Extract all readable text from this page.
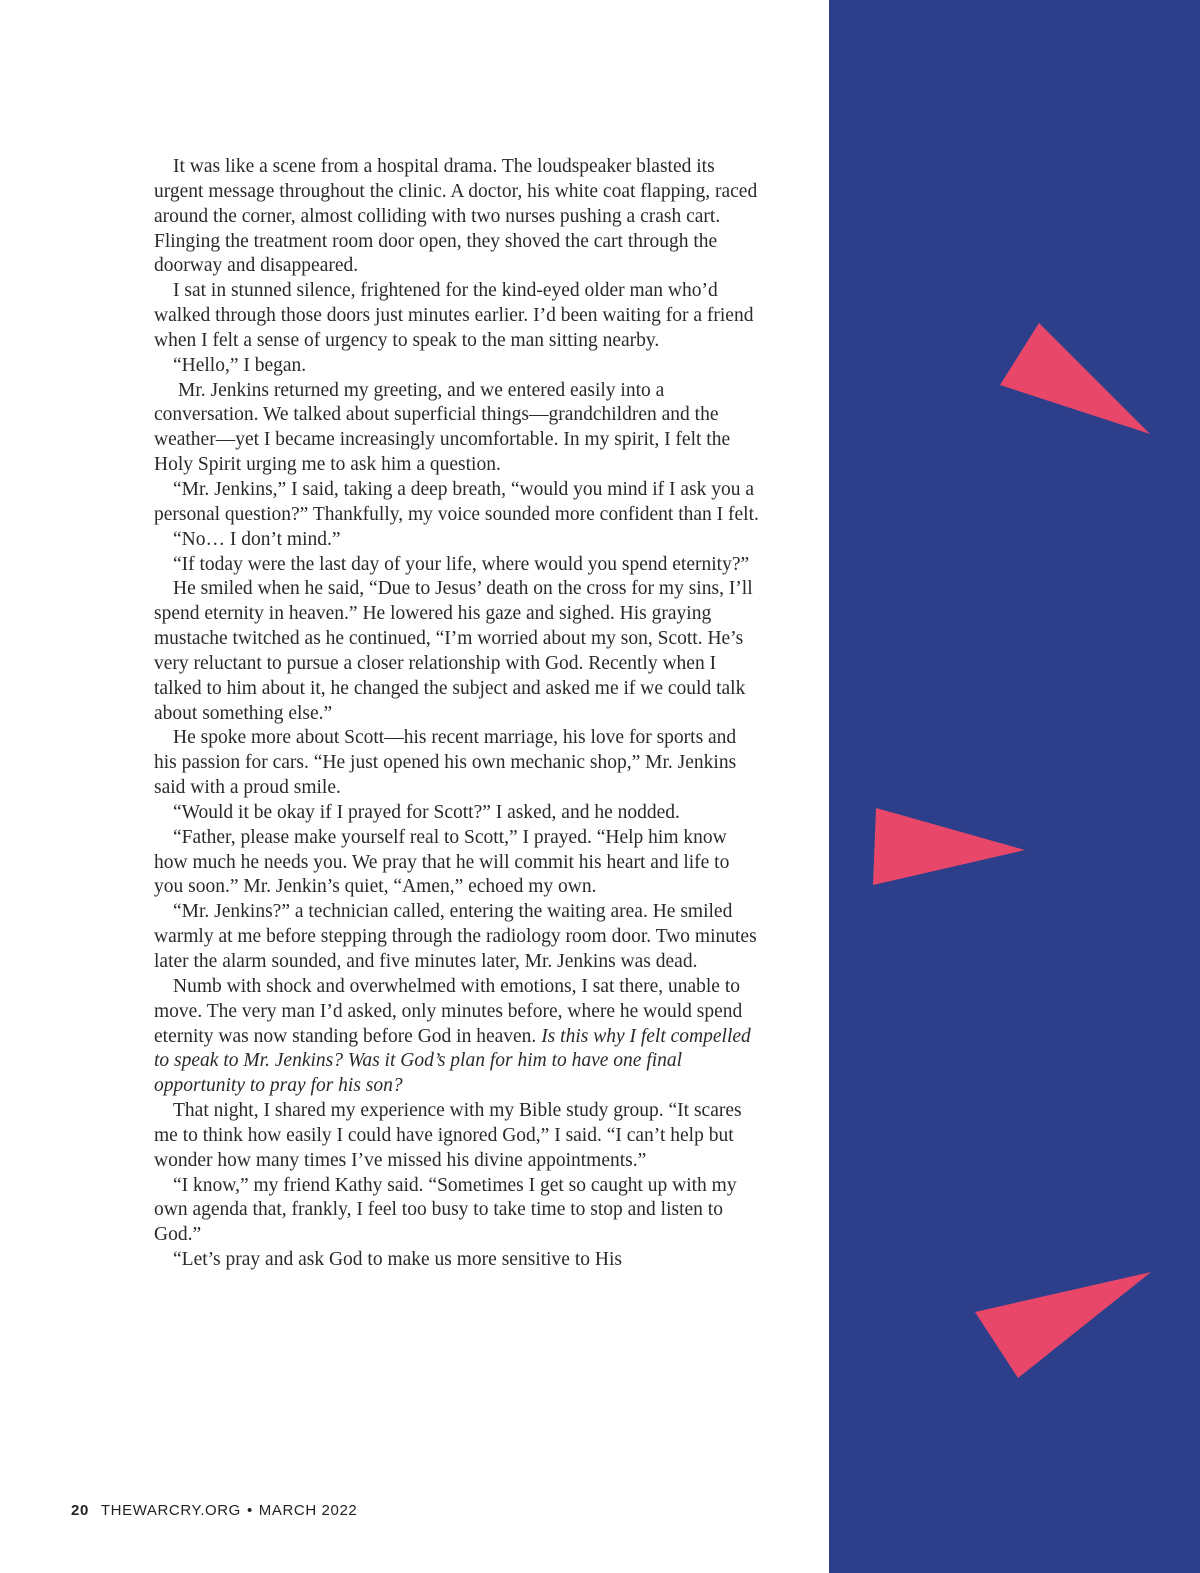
It was like a scene from a hospital drama. The loudspeaker blasted its urgent message throughout the clinic. A doctor, his white coat flapping, raced around the corner, almost colliding with two nurses pushing a crash cart. Flinging the treatment room door open, they shoved the cart through the doorway and disappeared.

I sat in stunned silence, frightened for the kind-eyed older man who’d walked through those doors just minutes earlier. I’d been waiting for a friend when I felt a sense of urgency to speak to the man sitting nearby.

“Hello,” I began.

Mr. Jenkins returned my greeting, and we entered easily into a conversation. We talked about superficial things—grandchildren and the weather—yet I became increasingly uncomfortable. In my spirit, I felt the Holy Spirit urging me to ask him a question.

“Mr. Jenkins,” I said, taking a deep breath, “would you mind if I ask you a personal question?” Thankfully, my voice sounded more confident than I felt.

“No… I don’t mind.”

“If today were the last day of your life, where would you spend eternity?”

He smiled when he said, “Due to Jesus’ death on the cross for my sins, I’ll spend eternity in heaven.” He lowered his gaze and sighed. His graying mustache twitched as he continued, “I’m worried about my son, Scott. He’s very reluctant to pursue a closer relationship with God. Recently when I talked to him about it, he changed the subject and asked me if we could talk about something else.”

He spoke more about Scott—his recent marriage, his love for sports and his passion for cars. “He just opened his own mechanic shop,” Mr. Jenkins said with a proud smile.

“Would it be okay if I prayed for Scott?” I asked, and he nodded.

“Father, please make yourself real to Scott,” I prayed. “Help him know how much he needs you. We pray that he will commit his heart and life to you soon.” Mr. Jenkin’s quiet, “Amen,” echoed my own.

“Mr. Jenkins?” a technician called, entering the waiting area. He smiled warmly at me before stepping through the radiology room door. Two minutes later the alarm sounded, and five minutes later, Mr. Jenkins was dead.

Numb with shock and overwhelmed with emotions, I sat there, unable to move. The very man I’d asked, only minutes before, where he would spend eternity was now standing before God in heaven. Is this why I felt compelled to speak to Mr. Jenkins? Was it God’s plan for him to have one final opportunity to pray for his son?

That night, I shared my experience with my Bible study group. “It scares me to think how easily I could have ignored God,” I said. “I can’t help but wonder how many times I’ve missed his divine appointments.”

“I know,” my friend Kathy said. “Sometimes I get so caught up with my own agenda that, frankly, I feel too busy to take time to stop and listen to God.”

“Let’s pray and ask God to make us more sensitive to His

20 THEWARCRY.ORG • MARCH 2022
